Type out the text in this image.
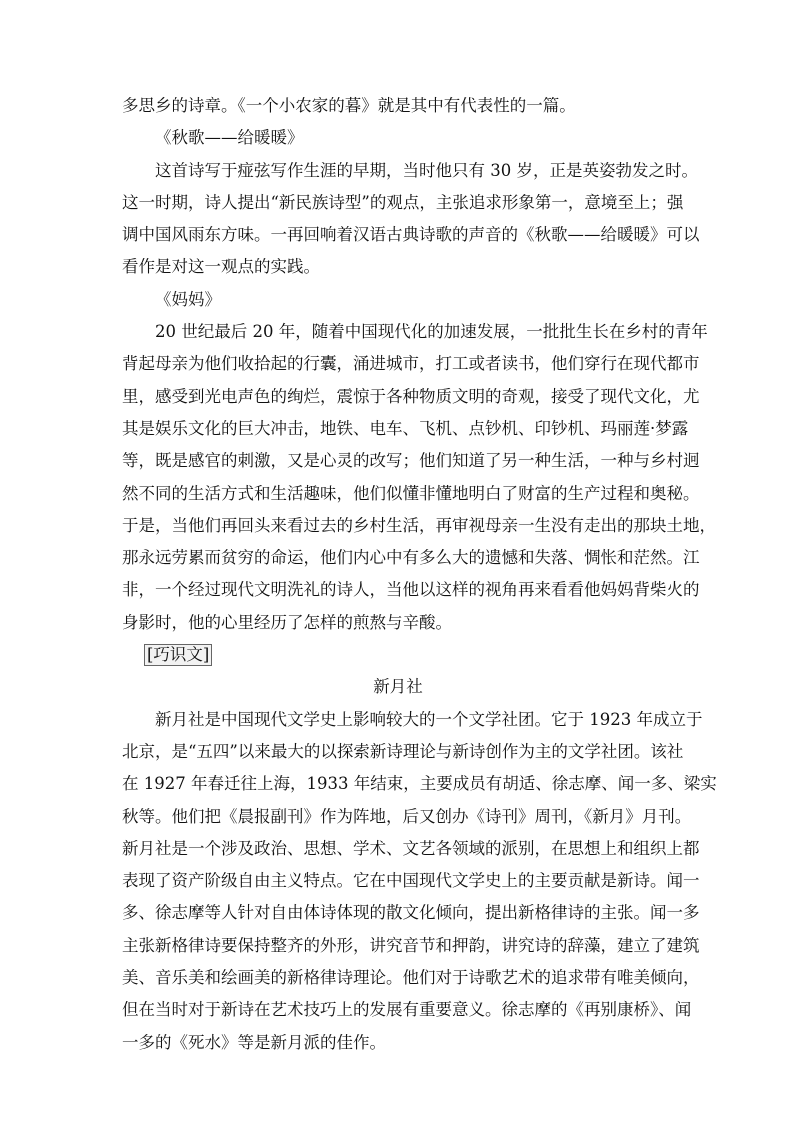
多思乡的诗章。《一个小农家的暮》就是其中有代表性的一篇。
《秋歌——给暖暖》
这首诗写于痖弦写作生涯的早期，当时他只有 30 岁，正是英姿勃发之时。
这一时期，诗人提出“新民族诗型”的观点，主张追求形象第一，意境至上；强
调中国风雨东方味。一再回响着汉语古典诗歌的声音的《秋歌——给暖暖》可以
看作是对这一观点的实践。
《妈妈》
20 世纪最后 20 年，随着中国现代化的加速发展，一批批生长在乡村的青年
背起母亲为他们收拾起的行囊，涌进城市，打工或者读书，他们穿行在现代都市
里，感受到光电声色的绚烂，震惊于各种物质文明的奇观，接受了现代文化，尤
其是娱乐文化的巨大冲击，地铁、电车、飞机、点钞机、印钞机、玛丽莲·梦露
等，既是感官的刺激，又是心灵的改写；他们知道了另一种生活，一种与乡村迥
然不同的生活方式和生活趣味，他们似懂非懂地明白了财富的生产过程和奥秘。
于是，当他们再回头来看过去的乡村生活，再审视母亲一生没有走出的那块土地，
那永远劳累而贫穷的命运，他们内心中有多么大的遗憾和失落、惆怅和茫然。江
非，一个经过现代文明洗礼的诗人，当他以这样的视角再来看看他妈妈背柴火的
身影时，他的心里经历了怎样的煎熬与辛酸。
[巧识文]
新月社
新月社是中国现代文学史上影响较大的一个文学社团。它于 1923 年成立于
北京，是“五四”以来最大的以探索新诗理论与新诗创作为主的文学社团。该社
在 1927 年春迁往上海，1933 年结束，主要成员有胡适、徐志摩、闻一多、梁实
秋等。他们把《晨报副刊》作为阵地，后又创办《诗刊》周刊，《新月》月刊。
新月社是一个涉及政治、思想、学术、文艺各领域的派别，在思想上和组织上都
表现了资产阶级自由主义特点。它在中国现代文学史上的主要贡献是新诗。闻一
多、徐志摩等人针对自由体诗体现的散文化倾向，提出新格律诗的主张。闻一多
主张新格律诗要保持整齐的外形，讲究音节和押韵，讲究诗的辞藻，建立了建筑
美、音乐美和绘画美的新格律诗理论。他们对于诗歌艺术的追求带有唯美倾向，
但在当时对于新诗在艺术技巧上的发展有重要意义。徐志摩的《再别康桥》、闻
一多的《死水》等是新月派的佳作。
